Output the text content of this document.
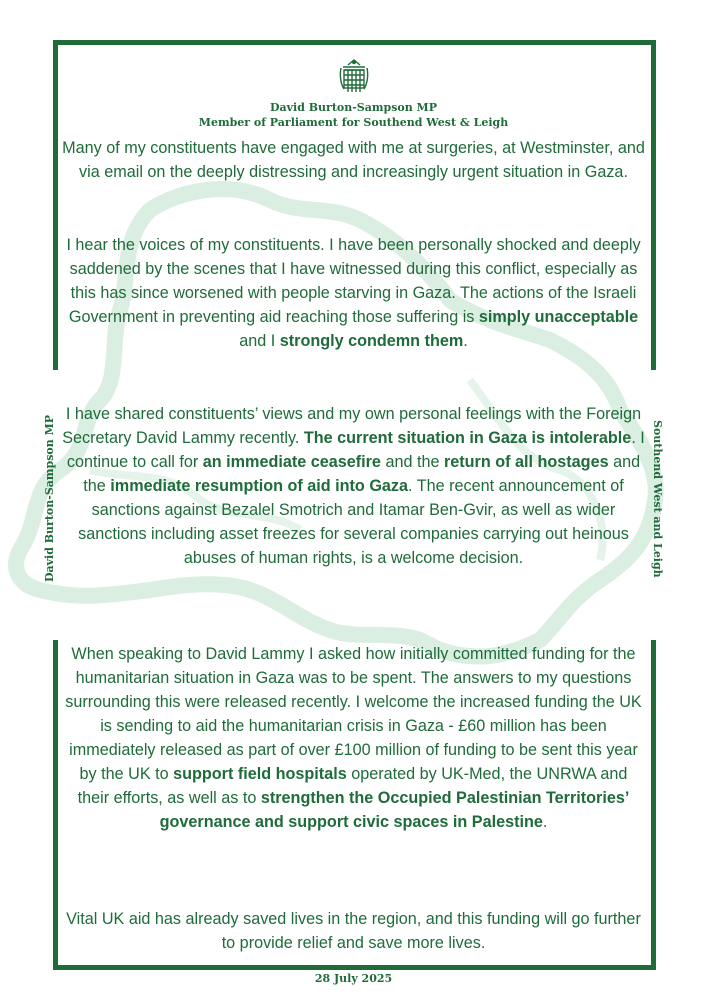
David Burton-Sampson MP
Member of Parliament for Southend West & Leigh
Many of my constituents have engaged with me at surgeries, at Westminster, and via email on the deeply distressing and increasingly urgent situation in Gaza.
I hear the voices of my constituents. I have been personally shocked and deeply saddened by the scenes that I have witnessed during this conflict, especially as this has since worsened with people starving in Gaza. The actions of the Israeli Government in preventing aid reaching those suffering is simply unacceptable and I strongly condemn them.
I have shared constituents’ views and my own personal feelings with the Foreign Secretary David Lammy recently. The current situation in Gaza is intolerable. I continue to call for an immediate ceasefire and the return of all hostages and the immediate resumption of aid into Gaza. The recent announcement of sanctions against Bezalel Smotrich and Itamar Ben-Gvir, as well as wider sanctions including asset freezes for several companies carrying out heinous abuses of human rights, is a welcome decision.
When speaking to David Lammy I asked how initially committed funding for the humanitarian situation in Gaza was to be spent. The answers to my questions surrounding this were released recently. I welcome the increased funding the UK is sending to aid the humanitarian crisis in Gaza - £60 million has been immediately released as part of over £100 million of funding to be sent this year by the UK to support field hospitals operated by UK-Med, the UNRWA and their efforts, as well as to strengthen the Occupied Palestinian Territories’ governance and support civic spaces in Palestine.
Vital UK aid has already saved lives in the region, and this funding will go further to provide relief and save more lives.
David Burton-Sampson MP	Southend West and Leigh
28 July 2025
